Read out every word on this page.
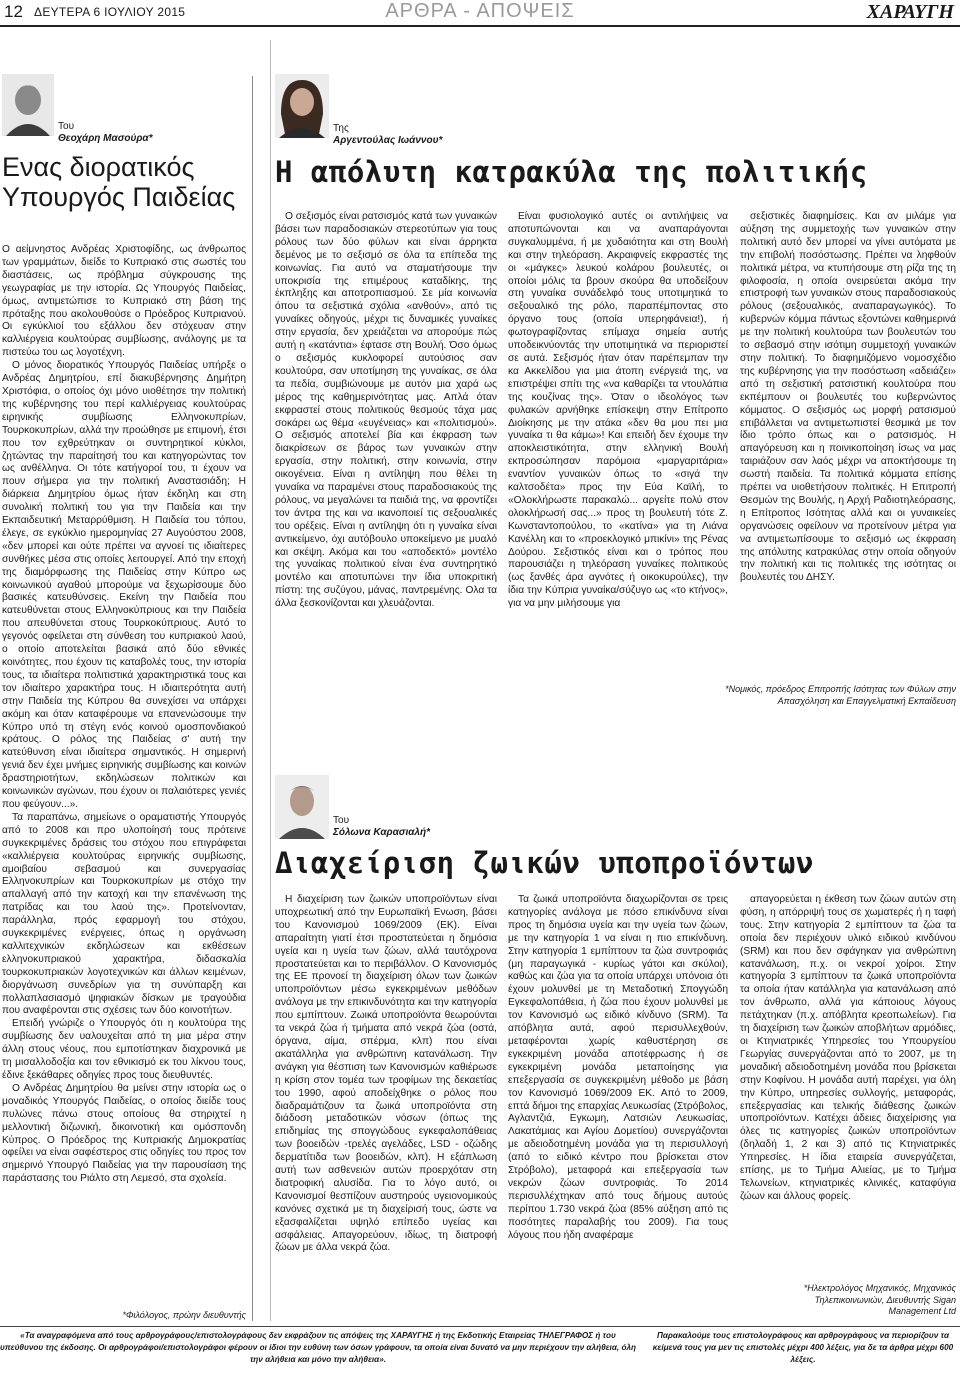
12 ΔΕΥΤΕΡΑ 6 ΙΟΥΛΙΟΥ 2015	ΑΡΘΡΑ - ΑΠΟΨΕΙΣ	ΧΑΡΑΥΓΗ
Του
Θεοχάρη Μασούρα*
Ενας διορατικός Υπουργός Παιδείας

Ο αείμνηστος Ανδρέας Χριστοφίδης, ως άνθρωπος των γραμμάτων, διείδε το Κυπριακό στις σωστές του διαστάσεις, ως πρόβλημα σύγκρουσης της γεωγραφίας με την ιστορία. Ως Υπουργός Παιδείας, όμως, αντιμετώπισε το Κυπριακό στη βάση της πρόταξης που ακολουθούσε ο Πρόεδρος Κυπριανού. Οι εγκύκλιοί του εξάλλου δεν στόχευαν στην καλλιέργεια κουλτούρας συμβίωσης, ανάλογης με τα πιστεύω του ως λογοτέχνη.

Ο μόνος διορατικός Υπουργός Παιδείας υπήρξε ο Ανδρέας Δημητρίου, επί διακυβέρνησης Δημήτρη Χριστόφια, ο οποίος όχι μόνο υιοθέτησε την πολιτική της κυβέρνησης του περί καλλιέργειας κουλτούρας ειρηνικής συμβίωσης Ελληνοκυπρίων, Τουρκοκυπρίων, αλλά την προώθησε με επιμονή, έτσι που τον εχθρεύτηκαν οι συντηρητικοί κύκλοι, ζητώντας την παραίτησή του και κατηγορώντας τον ως ανθέλληνα. Οι τότε κατήγοροί του, τι έχουν να πουν σήμερα για την πολιτική Αναστασιάδη; Η διάρκεια Δημητρίου όμως ήταν έκδηλη και στη συνολική πολιτική του για την Παιδεία και την Εκπαιδευτική Μεταρρύθμιση. Η Παιδεία του τόπου, έλεγε, σε εγκύκλιο ημερομηνίας 27 Αυγούστου 2008, «δεν μπορεί και ούτε πρέπει να αγνοεί τις ιδιαίτερες συνθήκες μέσα στις οποίες λειτουργεί. Από την εποχή της διαμόρφωσης της Παιδείας στην Κύπρο ως κοινωνικού αγαθού μπορούμε να ξεχωρίσουμε δύο βασικές κατευθύνσεις. Εκείνη την Παιδεία που κατευθύνεται στους Ελληνοκύπριους και την Παιδεία που απευθύνεται στους Τουρκοκύπριους. Αυτό το γεγονός οφείλεται στη σύνθεση του κυπριακού λαού, ο οποίο αποτελείται βασικά από δύο εθνικές κοινότητες, που έχουν τις καταβολές τους, την ιστορία τους, τα ιδιαίτερα πολιτιστικά χαρακτηριστικά τους και τον ιδιαίτερο χαρακτήρα τους. Η ιδιαιτερότητα αυτή στην Παιδεία της Κύπρου θα συνεχίσει να υπάρχει ακόμη και όταν καταφέρουμε να επανενώσουμε την Κύπρο υπό τη στέγη ενός κοινού ομοσπονδιακού κράτους. Ο ρόλος της Παιδείας σ' αυτή την κατεύθυνση είναι ιδιαίτερα σημαντικός. Η σημερινή γενιά δεν έχει μνήμες ειρηνικής συμβίωσης και κοινών δραστηριοτήτων, εκδηλώσεων πολιτικών και κοινωνικών αγώνων, που έχουν οι παλαιότερες γενιές που φεύγουν...».

Τα παραπάνω, σημείωνε ο οραματιστής Υπουργός από το 2008 και προ υλοποίησή τους πρότεινε συγκεκριμένες δράσεις του στόχου που επιγράφεται «καλλιέργεια κουλτούρας ειρηνικής συμβίωσης, αμοιβαίου σεβασμού και συνεργασίας Ελληνοκυπρίων και Τουρκοκυπρίων με στόχο την απαλλαγή από την κατοχή και την επανένωση της πατρίδας και του λαού της». Προτείνονταν, παράλληλα, πρός εφαρμογή του στόχου, συγκεκριμένες ενέργειες, όπως η οργάνωση καλλιτεχνικών εκδηλώσεων και εκθέσεων ελληνοκυπριακού χαρακτήρα, διδασκαλία τουρκοκυπριακών λογοτεχνικών και άλλων κειμένων, διοργάνωση συνεδρίων για τη συνύπαρξη και πολλαπλασιασμό ψηφιακών δίσκων με τραγούδια που αναφέρονται στις σχέσεις των δύο κοινοτήτων.

Επειδή γνώριζε ο Υπουργός ότι η κουλτούρα της συμβίωσης δεν υαλουχείται από τη μια μέρα στην άλλη στους νέους, που εμποτίστηκαν διαχρονικά με τη μισαλλοδοξία και τον εθνικισμό εκ του λίκνου τους, έδινε ξεκάθαρες οδηγίες προς τους διευθυντές.

Ο Ανδρέας Δημητρίου θα μείνει στην ιστορία ως ο μοναδικός Υπουργός Παιδείας, ο οποίος διείδε τους πυλώνες πάνω στους οποίους θα στηριχτεί η μελλοντική διζωνική, δικοινοτική και ομόσπονδη Κύπρος. Ο Πρόεδρος της Κυπριακής Δημοκρατίας οφείλει να είναι σαφέστερος στις οδηγίες του προς τον σημερινό Υπουργό Παιδείας για την παρουσίαση της παράστασης του Ριάλτο στη Λεμεσό, στα σχολεία.

*Φιλόλογος, πρώην διευθυντής
Της
Αργεντούλας Ιωάννου*
Η απόλυτη κατρακύλα της πολιτικής

Ο σεξισμός είναι ρατσισμός κατά των γυναικών βάσει των παραδοσιακών στερεοτύπων για τους ρόλους των δύο φύλων και είναι άρρηκτα δεμένος με το σεξισμό σε όλα τα επίπεδα της κοινωνίας. Για αυτό να σταματήσουμε την υποκρισία της επιμέρους καταδίκης, της έκπληξης και αποτροπιασμού. Σε μία κοινωνία όπου τα σεξιστικά σχόλια «ανθούν», από τις γυναίκες οδηγούς, μέχρι τις δυναμικές γυναίκες στην εργασία, δεν χρειάζεται να απορούμε πώς αυτή η «κατάντια» έφτασε στη Βουλή. Όσο όμως ο σεξισμός κυκλοφορεί αυτούσιος σαν κουλτούρα, σαν υποτίμηση της γυναίκας, σε όλα τα πεδία, συμβιώνουμε με αυτόν μια χαρά ως μέρος της καθημερινότητας μας. Απλά όταν εκφραστεί στους πολιτικούς θεσμούς τάχα μας σοκάρει ως θέμα «ευγένειας» και «πολιτισμού». Ο σεξισμός αποτελεί βία και έκφραση των διακρίσεων σε βάρος των γυναικών στην εργασία, στην πολιτική, στην κοινωνία, στην οικογένεια. Είναι η αντίληψη που θέλει τη γυναίκα να παραμένει στους παραδοσιακούς της ρόλους, να μεγαλώνει τα παιδιά της, να φροντίζει τον άντρα της και να ικανοποιεί τις σεξουαλικές του ορέξεις. Είναι η αντίληψη ότι η γυναίκα είναι αντικείμενο, όχι αυτόβουλο υποκείμενο με μυαλό και σκέψη. Ακόμα και του «αποδεκτό» μοντέλο της γυναίκας πολιτικού είναι ένα συντηρητικό μοντέλο και αποτυπώνει την ίδια υποκριτική πίστη: της συζύγου, μάνας, παντρεμένης. Ολα τα άλλα ξεσκονίζονται και χλευάζονται.

Είναι φυσιολογικό αυτές οι αντιλήψεις να αποτυπώνονται και να αναπαράγονται συγκαλυμμένα, ή με χυδαιότητα και στη Βουλή και στην τηλεόραση. Ακραιφνείς εκφραστές της οι «μάγκες» λευκού κολάρου βουλευτές, οι οποίοι μόλις τα βρουν σκούρα θα υποδείξουν στη γυναίκα συνάδελφό τους υποτιμητικά το σεξουαλικό της ρόλο, παραπέμποντας στο όργανο τους (οποία υπερηφάνεια!), ή φωτογραφίζοντας επίμαχα σημεία αυτής υποδεικνύοντάς την υποτιμητικά να περιοριστεί σε αυτά. Σεξισμός ήταν όταν παρέπεμπαν την κα Ακκελίδου για μια άτοπη ενέργειά της, να επιστρέψει σπίτι της «να καθαρίζει τα ντουλάπια της κουζίνας της». Όταν ο ιδεολόγος των φυλακών αρνήθηκε επίσκεψη στην Επίτροπο Διοίκησης με την ατάκα «δεν θα μου πει μια γυναίκα τι θα κάμω»! Και επειδή δεν έχουμε την αποκλειστικότητα, στην ελληνική Βουλή εκπροσώπησαν παρόμοια «μαργαριτάρια» εναντίον γυναικών όπως το «σιγά την καλτσοδέτα» προς την Εύα Καϊλή, το «Ολοκλήρωστε παρακαλώ... αργείτε πολύ στον ολοκλήρωσή σας...» προς τη βουλευτή τότε Ζ. Κωνσταντοπούλου, το «κατίνα» για τη Λιάνα Κανέλλη και το «προεκλογικό μπικίνι» της Ρένας Δούρου. Σεξιστικός είναι και ο τρόπος που παρουσιάζει η τηλεόραση γυναίκες πολιτικούς (ως ξανθές άρα αγνότες ή οικοκυρούλες), την ίδια την Κύπρια γυναίκα/σύζυγο ως «το κτήνος», για να μην μιλήσουμε για

σεξιστικές διαφημίσεις. Και αν μιλάμε για αύξηση της συμμετοχής των γυναικών στην πολιτική αυτό δεν μπορεί να γίνει αυτόματα με την επιβολή ποσόστωσης. Πρέπει να ληφθούν πολιτικά μέτρα, να κτυπήσουμε στη ρίζα της τη φιλοφοσία, η οποία ονειρεύεται ακόμα την επιστροφή των γυναικών στους παραδοσιακούς ρόλους (σεξουαλικός, αναπαραγωγικός). Το κυβερνών κόμμα πάντως εξοντώνει καθημερινά με την πολιτική κουλτούρα των βουλευτών του το σεβασμό στην ισότιμη συμμετοχή γυναικών στην πολιτική. Το διαφημιζόμενο νομοσχέδιο της κυβέρνησης για την ποσόστωση «αδειάζει» από τη σεξιστική ρατσιστική κουλτούρα που εκπέμπουν οι βουλευτές του κυβερνώντος κόμματος. Ο σεξισμός ως μορφή ρατσισμού επιβάλλεται να αντιμετωπιστεί θεσμικά με τον ίδιο τρόπο όπως και ο ρατσισμός. Η απαγόρευση και η ποινικοποίηση ίσως να μας ταιριάζουν σαν λαός μέχρι να αποκτήσουμε τη σωστή παιδεία. Τα πολιτικά κόμματα επίσης πρέπει να υιοθετήσουν πολιτικές. Η Επιτροπή Θεσμών της Βουλής, η Αρχή Ραδιοτηλεόρασης, η Επίτροπος Ισότητας αλλά και οι γυναικείες οργανώσεις οφείλουν να προτείνουν μέτρα για να αντιμετωπίσουμε το σεξισμό ως έκφραση της απόλυτης κατρακύλας στην οποία οδηγούν την πολιτική και τις πολιτικές της ισότητας οι βουλευτές του ΔΗΣΥ.

*Νομικός, πρόεδρος Επιτροπής Ισότητας των Φύλων στην Απασχόληση και Επαγγελματική Εκπαίδευση
Του
Σόλωνα Καρασιαλή*
Διαχείριση ζωικών υποπροϊόντων

Η διαχείριση των ζωικών υποπροϊόντων είναι υποχρεωτική από την Ευρωπαϊκή Ενωση, βάσει του Κανονισμού 1069/2009 (ΕΚ). Είναι απαραίτητη γιατί έτσι προστατεύεται η δημόσια υγεία και η υγεία των ζώων, αλλά ταυτόχρονα προστατεύεται και το περιβάλλον. Ο Κανονισμός της ΕΕ προνοεί τη διαχείριση όλων των ζωικών υποπροϊόντων μέσω εγκεκριμένων μεθόδων ανάλογα με την επικινδυνότητα και την κατηγορία που εμπίπτουν. Ζωικά υποπροϊόντα θεωρούνται τα νεκρά ζώα ή τμήματα από νεκρά ζώα (οστά, όργανα, αίμα, σπέρμα, κλπ) που είναι ακατάλληλα για ανθρώπινη κατανάλωση. Την ανάγκη για θέσπιση των Κανονισμών καθιέρωσε η κρίση στον τομέα των τροφίμων της δεκαετίας του 1990, αφού αποδείχθηκε ο ρόλος που διαδραμάτιζουν τα ζωικά υποπροϊόντα στη διάδοση μεταδοτικών νόσων (όπως της επιδημίας της σπογγώδους εγκεφαλοπάθειας των βοοειδών -τρελές αγελάδες, LSD - οζώδης δερματίτιδα των βοοειδών, κλπ). Η εξάπλωση αυτή των ασθενειών αυτών προερχόταν στη διατροφική αλυσίδα. Για το λόγο αυτό, οι Κανονισμοί θεσπίζουν αυστηρούς υγειονομικούς κανόνες σχετικά με τη διαχείρισή τους, ώστε να εξασφαλίζεται υψηλό επίπεδο υγείας και ασφάλειας. Απαγορεύουν, ιδίως, τη διατροφή ζώων με άλλα νεκρά ζώα.

Τα ζωικά υποπροϊόντα διαχωρίζονται σε τρεις κατηγορίες ανάλογα με πόσο επικίνδυνα είναι προς τη δημόσια υγεία και την υγεία των ζώων, με την κατηγορία 1 να είναι η πιο επικίνδυνη. Στην κατηγορία 1 εμπίπτουν τα ζώα συντροφιάς (μη παραγωγικά - κυρίως γάτοι και σκύλοι), καθώς και ζώα για τα οποία υπάρχει υπόνοια ότι έχουν μολυνθεί με τη Μεταδοτική Σπογγώδη Εγκεφαλοπάθεια, ή ζώα που έχουν μολυνθεί με τον Κανονισμό ως ειδικό κίνδυνο (SRM). Τα απόβλητα αυτά, αφού περισυλλεχθούν, μεταφέρονται χωρίς καθυστέρηση σε εγκεκριμένη μονάδα αποτέφρωσης ή σε εγκεκριμένη μονάδα μεταποίησης για επεξεργασία σε συγκεκριμένη μέθοδο με βάση τον Κανονισμό 1069/2009 ΕΚ. Από το 2009, επτά δήμοι της επαρχίας Λευκωσίας (Στρόβολος, Αγλαντζιά, Εγκωμη, Λατσιών Λευκωσίας, Λακατάμιας και Αγίου Δομετίου) συνεργάζονται με αδειοδοτημένη μονάδα για τη περισυλλογή (από το ειδικό κέντρο που βρίσκεται στον Στρόβολο), μεταφορά και επεξεργασία των νεκρών ζώων συντροφιάς. Το 2014 περισυλλέχτηκαν από τους δήμους αυτούς περίπου 1.730 νεκρά ζώα (85% αύξηση από τις ποσότητες παραλαβής του 2009). Για τους λόγους που ήδη αναφέραμε

απαγορεύεται η έκθεση των ζώων αυτών στη φύση, η απόρριψή τους σε χωματερές ή η ταφή τους. Στην κατηγορία 2 εμπίπτουν τα ζώα τα οποία δεν περιέχουν υλικό ειδικού κινδύνου (SRM) και που δεν σφάγηκαν για ανθρώπινη κατανάλωση, π.χ. οι νεκροί χοίροι. Στην κατηγορία 3 εμπίπτουν τα ζωικά υποπροϊόντα τα οποία ήταν κατάλληλα για κατανάλωση από τον άνθρωπο, αλλά για κάποιους λόγους πετάχτηκαν (π.χ. απόβλητα κρεοπωλείων). Για τη διαχείριση των ζωικών αποβλήτων αρμόδιες, οι Κτηνιατρικές Υπηρεσίες του Υπουργείου Γεωργίας συνεργάζονται από το 2007, με τη μοναδική αδειοδοτημένη μονάδα που βρίσκεται στην Κοφίνου. Η μονάδα αυτή παρέχει, για όλη την Κύπρο, υπηρεσίες συλλογής, μεταφοράς, επεξεργασίας και τελικής διάθεσης ζωικών υποπροϊόντων. Κατέχει άδειες διαχείρισης για όλες τις κατηγορίες ζωικών υποπροϊόντων (δηλαδή 1, 2 και 3) από τις Κτηνιατρικές Υπηρεσίες. Η ίδια εταιρεία συνεργάζεται, επίσης, με το Τμήμα Αλιείας, με το Τμήμα Τελωνείων, κτηνιατρικές κλινικές, καταφύγια ζώων και άλλους φορείς.

*Ηλεκτρολόγος Μηχανικός, Μηχανικός Τηλεπικοινωνιών, Διευθυντής Sigan Management Ltd
«Τα αναγραφόμενα από τους αρθρογράφους/επιστολογράφους δεν εκφράζουν τις απόψεις της ΧΑΡΑΥΓΗΣ ή της Εκδοτικής Εταιρείας ΤΗΛΕΓΡΑΦΟΣ ή του υπεύθυνου της έκδοσης. Οι αρθρογράφοι/επιστολογράφοι φέρουν οι ίδιοι την ευθύνη των όσων γράφουν, τα οποία είναι δυνατό να μην περιέχουν την αλήθεια, όλη την αλήθεια και μόνο την αλήθεια».
Παρακαλούμε τους επιστολογράφους και αρθρογράφους να περιορίζουν τα κείμενά τους για μεν τις επιστολές μέχρι 400 λέξεις, για δε τα άρθρα μέχρι 600 λέξεις.
